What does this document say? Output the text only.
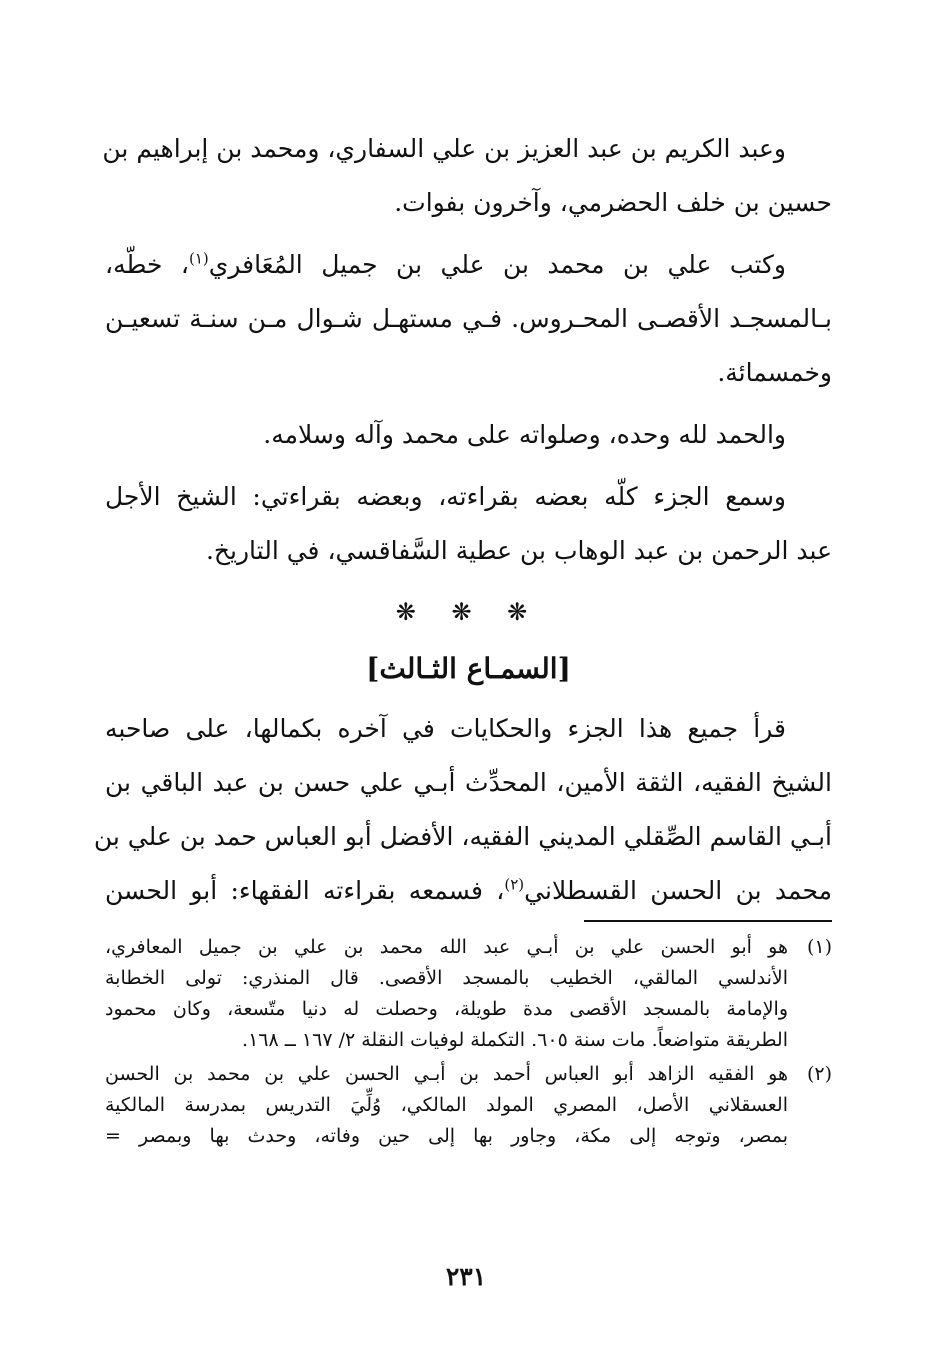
وعبد الكريم بن عبد العزيز بن علي السفاري، ومحمد بن إبراهيم بن
حسين بن خلف الحضرمي، وآخرون بفوات.

وكتب علي بن محمد بن علي بن جميل المُعَافري$^{(١)}$، خطّه،
بـالمسجـد الأقصـى المحـروس. فـي مستهـل شـوال مـن سنـة تسعيـن
وخمسمائة.

والحمد لله وحده، وصلواته على محمد وآله وسلامه.

وسمع الجزء كلّه بعضه بقراءته، وبعضه بقراءتي: الشيخ الأجل
عبد الرحمن بن عبد الوهاب بن عطية السَّفاقسي، في التاريخ.

❋ ❋ ❋
[السمـاع الثـالث]

قرأ جميع هذا الجزء والحكايات في آخره بكمالها، على صاحبه
الشيخ الفقيه، الثقة الأمين، المحدِّث أبـي علي حسن بن عبد الباقي بن
أبـي القاسم الصِّقلي المديني الفقيه، الأفضل أبو العباس حمد بن علي بن
محمد بن الحسن القسطلاني$^{(٢)}$، فسمعه بقراءته الفقهاء: أبو الحسن

(١)
هو أبو الحسن علي بن أبـي عبد الله محمد بن علي بن جميل المعافري،
الأندلسي المالقي، الخطيب بالمسجد الأقصى. قال المنذري: تولى الخطابة
والإمامة بالمسجد الأقصى مدة طويلة، وحصلت له دنيا متّسعة، وكان محمود
الطريقة متواضعاً. مات سنة ٦٠٥. التكملة لوفيات النقلة ٢/ ١٦٧ ــ ١٦٨.
(٢)
هو الفقيه الزاهد أبو العباس أحمد بن أبـي الحسن علي بن محمد بن الحسن
العسقلاني الأصل، المصري المولد المالكي، وُلِّيَ التدريس بمدرسة المالكية
بمصر، وتوجه إلى مكة، وجاور بها إلى حين وفاته، وحدث بها وبمصر =
٢٣١
